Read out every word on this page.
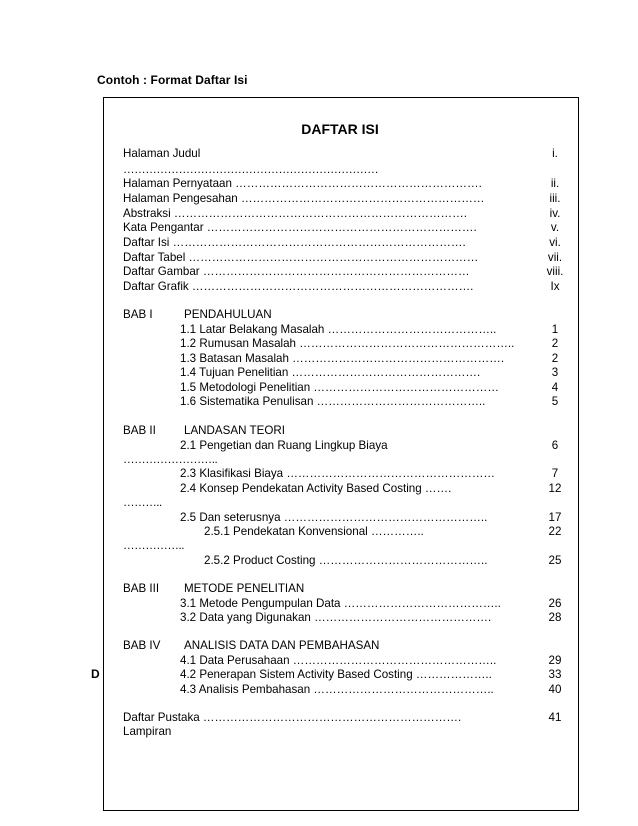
Contoh : Format Daftar Isi
D
DAFTAR ISI
Halaman Judul	i.
……………………………………………………………
Halaman Pernyataan ……………………………………………………….	ii.
Halaman Pengesahan ………………………………………………………	iii.
Abstraksi ………………………………………………………………….	iv.
Kata Pengantar …………………………………………………………….	v.
Daftar Isi ………………………………………………………………….	vi.
Daftar Tabel …………………………………………………………………	vii.
Daftar Gambar ……………………………………………………………	viii.
Daftar Grafik ……………………………………………………………….	Ix
BAB I	PENDAHULUAN
1.1 Latar Belakang Masalah ……………………………………..	1
1.2 Rumusan Masalah ………………………………………………..	2
1.3 Batasan Masalah ……………………………………………….	2
1.4 Tujuan Penelitian ………………………………………….	3
1.5 Metodologi Penelitian …………………………………………	4
1.6 Sistematika Penulisan ……………………………………..	5
BAB II LANDASAN TEORI
2.1 Pengetian dan Ruang Lingkup Biaya	6
……………………..
2.3 Klasifikasi Biaya ………………………………………………	7
2.4 Konsep Pendekatan Activity Based Costing …….	12
………..
2.5 Dan seterusnya ……………………………………………..	17
2.5.1 Pendekatan Konvensional …………..	22
……………..
2.5.2 Product Costing ……………………………………..	25
BAB III METODE PENELITIAN
3.1 Metode Pengumpulan Data …………………………………..	26
3.2 Data yang Digunakan ……………………………………….	28
BAB IV ANALISIS DATA DAN PEMBAHASAN
4.1 Data Perusahaan ……………………………………………..	29
4.2 Penerapan Sistem Activity Based Costing ………………..	33
4.3 Analisis Pembahasan ………………………………………..	40
Daftar Pustaka ………………………………………………………….	41
Lampiran
